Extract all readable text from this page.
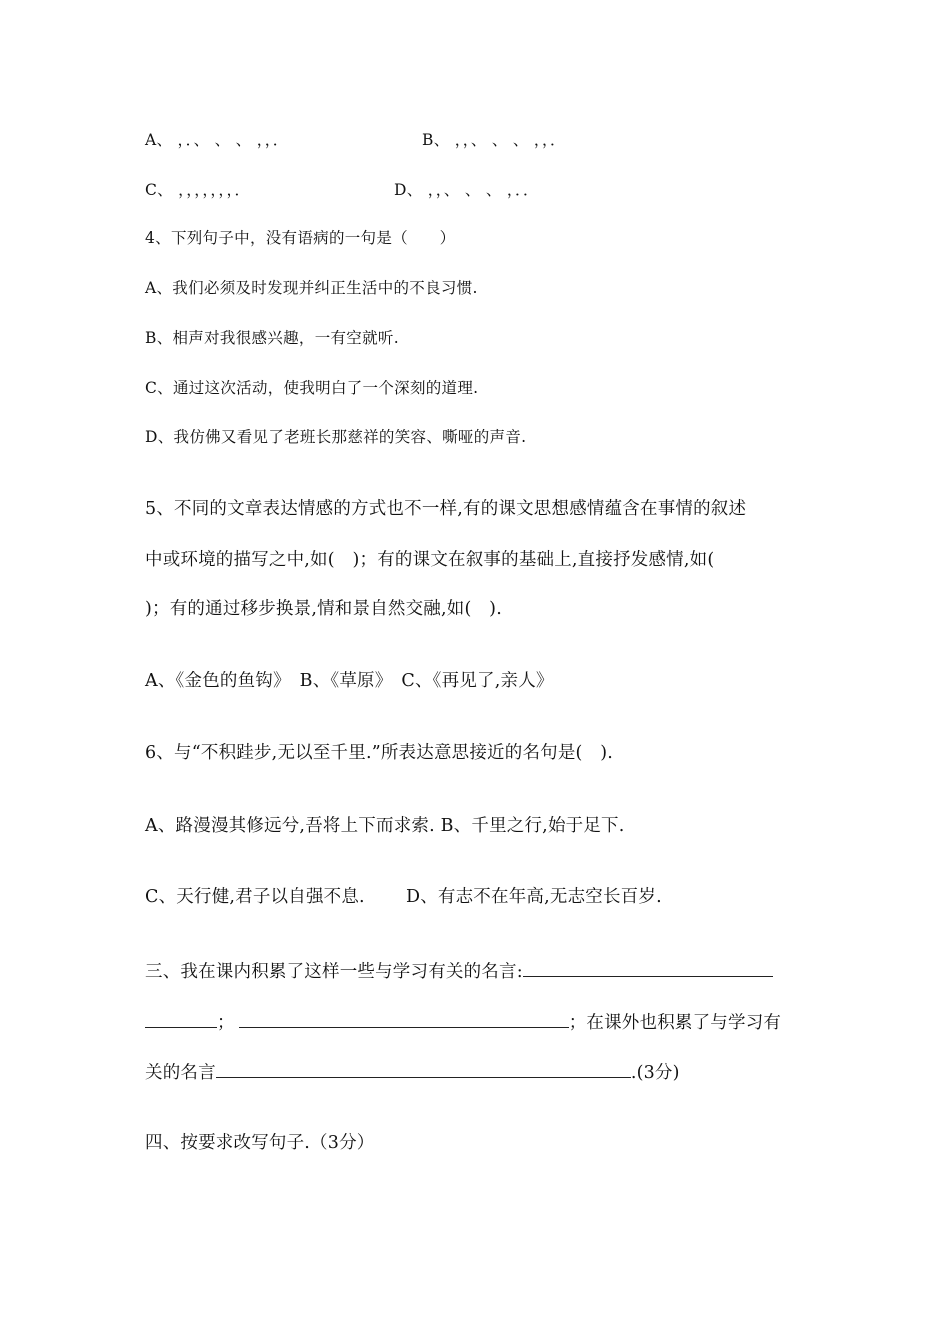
A、 ，．、 、 、 ，，．	B、 ，，、 、 、 ，，．
C、 ，，，，，，，．	D、 ，，、 、 、 ，．．
4、下列句子中，没有语病的一句是（　　）
A、我们必须及时发现并纠正生活中的不良习惯.
B、相声对我很感兴趣，一有空就听.
C、通过这次活动，使我明白了一个深刻的道理.
D、我仿佛又看见了老班长那慈祥的笑容、嘶哑的声音.
5、不同的文章表达情感的方式也不一样,有的课文思想感情蕴含在事情的叙述
中或环境的描写之中,如(　)；有的课文在叙事的基础上,直接抒发感情,如(
)；有的通过移步换景,情和景自然交融,如(　).
A、《金色的鱼钩》　B、《草原》　C、《再见了,亲人》
6、与“不积跬步,无以至千里.”所表达意思接近的名句是(　).
A、路漫漫其修远兮,吾将上下而求索. B、千里之行,始于足下.
C、天行健,君子以自强不息.　　 D、有志不在年高,无志空长百岁.
三、我在课内积累了这样一些与学习有关的名言:
；	；在课外也积累了与学习有
关的名言	.(3分)
四、按要求改写句子.（3分）
